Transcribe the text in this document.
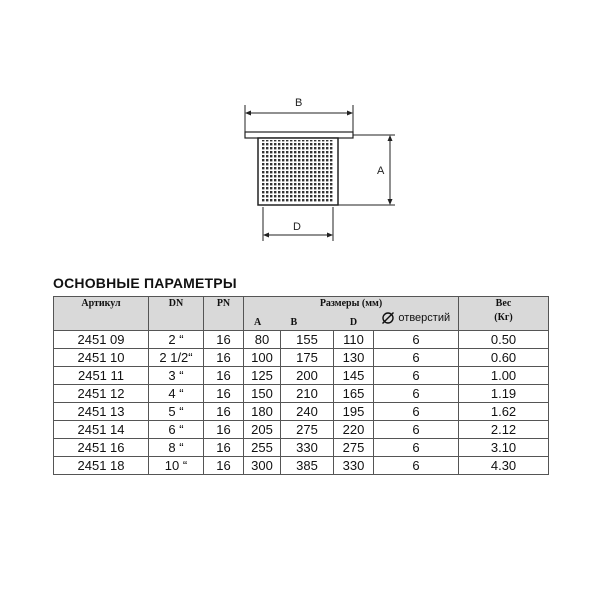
B
A
D
ОСНОВНЫЕ ПАРАМЕТРЫ
Артикул	DN	PN	Размеры (мм)				Вес
(Кг)
			A	B	D	отверстий	

2451 09	2 “	16	80	155	110	6	0.50
2451 10	2 1/2“	16	100	175	130	6	0.60
2451 11	3 “	16	125	200	145	6	1.00
2451 12	4 “	16	150	210	165	6	1.19
2451 13	5 “	16	180	240	195	6	1.62
2451 14	6 “	16	205	275	220	6	2.12
2451 16	8 “	16	255	330	275	6	3.10
2451 18	10 “	16	300	385	330	6	4.30
